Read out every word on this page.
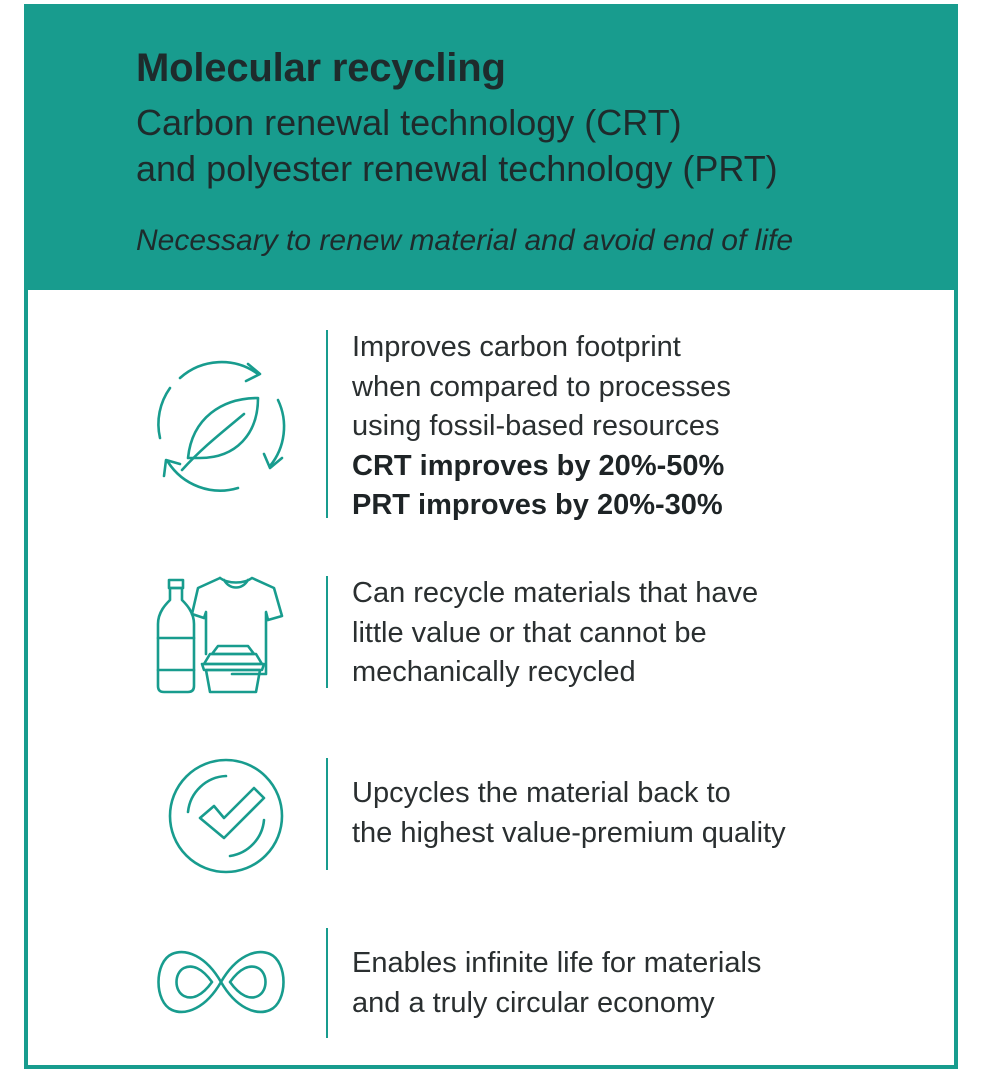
Molecular recycling
Carbon renewal technology (CRT)
and polyester renewal technology (PRT)
Necessary to renew material and avoid end of life
Improves carbon footprint
when compared to processes
using fossil-based resources
CRT improves by 20%-50%
PRT improves by 20%-30%
Can recycle materials that have
little value or that cannot be
mechanically recycled
Upcycles the material back to
the highest value-premium quality
Enables infinite life for materials
and a truly circular economy
